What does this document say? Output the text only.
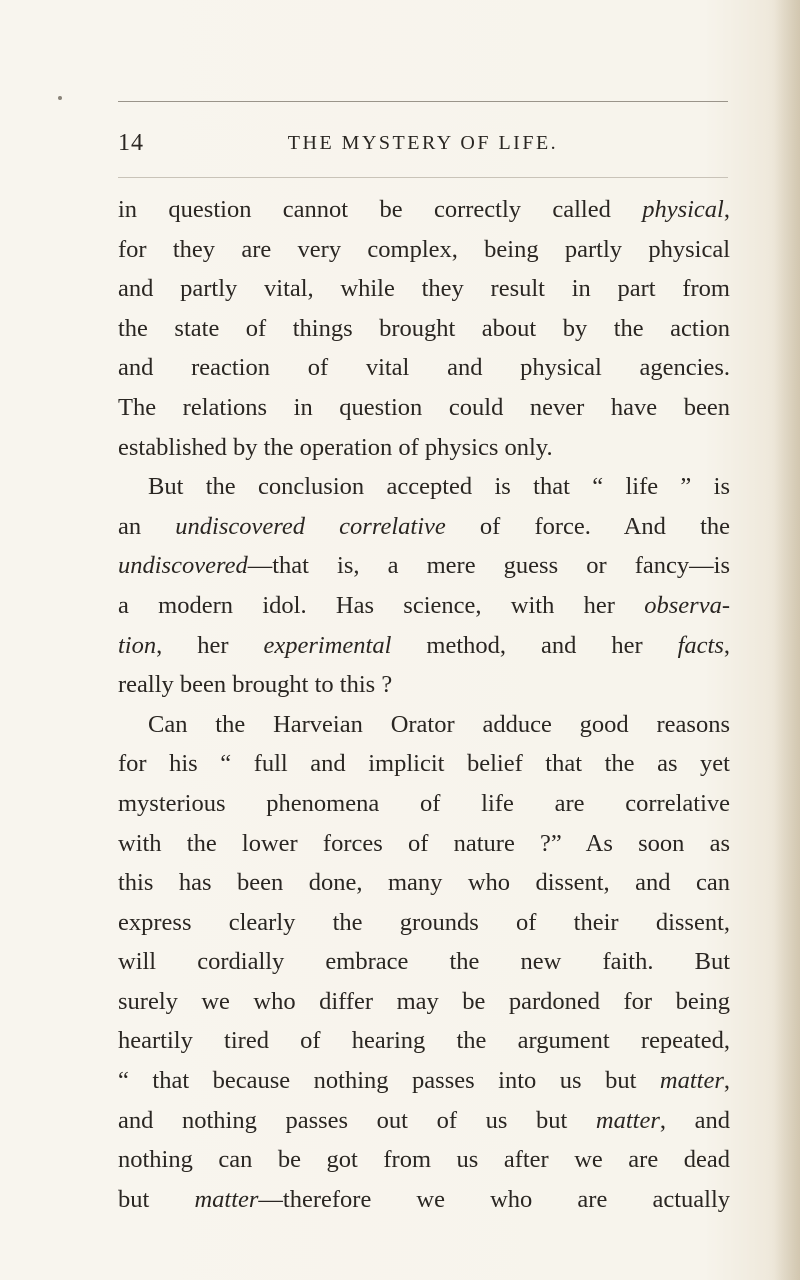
14	THE MYSTERY OF LIFE.
in question cannot be correctly called physical,
for they are very complex, being partly physical
and partly vital, while they result in part from
the state of things brought about by the action
and reaction of vital and physical agencies.
The relations in question could never have been
established by the operation of physics only.
But the conclusion accepted is that “ life ” is
an undiscovered correlative of force. And the
undiscovered—that is, a mere guess or fancy—is
a modern idol. Has science, with her observa-
tion, her experimental method, and her facts,
really been brought to this ?
Can the Harveian Orator adduce good reasons
for his “ full and implicit belief that the as yet
mysterious phenomena of life are correlative
with the lower forces of nature ?” As soon as
this has been done, many who dissent, and can
express clearly the grounds of their dissent,
will cordially embrace the new faith. But
surely we who differ may be pardoned for being
heartily tired of hearing the argument repeated,
“ that because nothing passes into us but matter,
and nothing passes out of us but matter, and
nothing can be got from us after we are dead
but matter—therefore we who are actually
